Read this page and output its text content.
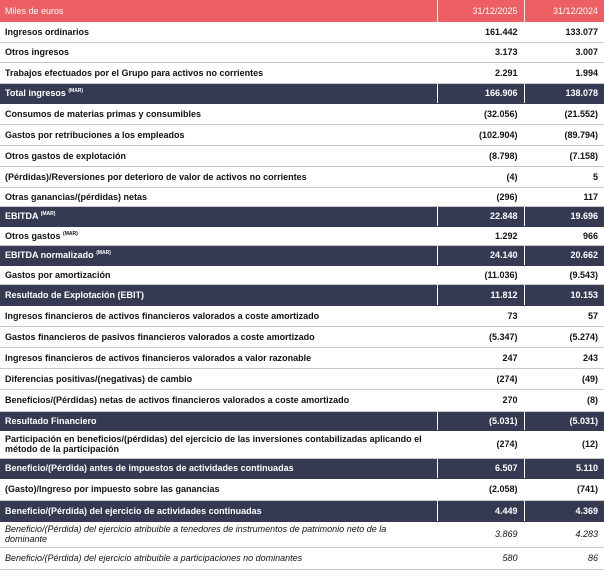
Miles de euros	31/12/2025	31/12/2024
Ingresos ordinarios	161.442	133.077
Otros ingresos	3.173	3.007
Trabajos efectuados por el Grupo para activos no corrientes	2.291	1.994
Total ingresos $^{(MAR)}$	166.906	138.078
Consumos de materias primas y consumibles	(32.056)	(21.552)
Gastos por retribuciones a los empleados	(102.904)	(89.794)
Otros gastos de explotación	(8.798)	(7.158)
(Pérdidas)/Reversiones por deterioro de valor de activos no corrientes	(4)	5
Otras ganancias/(pérdidas) netas	(296)	117
EBITDA $^{(MAR)}$	22.848	19.696
Otros gastos $^{(MAR)}$	1.292	966
EBITDA normalizado $^{(MAR)}$	24.140	20.662
Gastos por amortización	(11.036)	(9.543)
Resultado de Explotación (EBIT)	11.812	10.153
Ingresos financieros de activos financieros valorados a coste amortizado	73	57
Gastos financieros de pasivos financieros valorados a coste amortizado	(5.347)	(5.274)
Ingresos financieros de activos financieros valorados a valor razonable	247	243
Diferencias positivas/(negativas) de cambio	(274)	(49)
Beneficios/(Pérdidas) netas de activos financieros valorados a coste amortizado	270	(8)
Resultado Financiero	(5.031)	(5.031)
Participación en beneficios/(pérdidas) del ejercicio de las inversiones contabilizadas aplicando el método de la participación	(274)	(12)
Beneficio/(Pérdida) antes de impuestos de actividades continuadas	6.507	5.110
(Gasto)/Ingreso por impuesto sobre las ganancias	(2.058)	(741)
Beneficio/(Pérdida) del ejercicio de actividades continuadas	4.449	4.369
Beneficio/(Pérdida) del ejercicio atribuible a tenedores de instrumentos de patrimonio neto de la dominante	3.869	4.283
Beneficio/(Pérdida) del ejercicio atribuible a participaciones no dominantes	580	86
